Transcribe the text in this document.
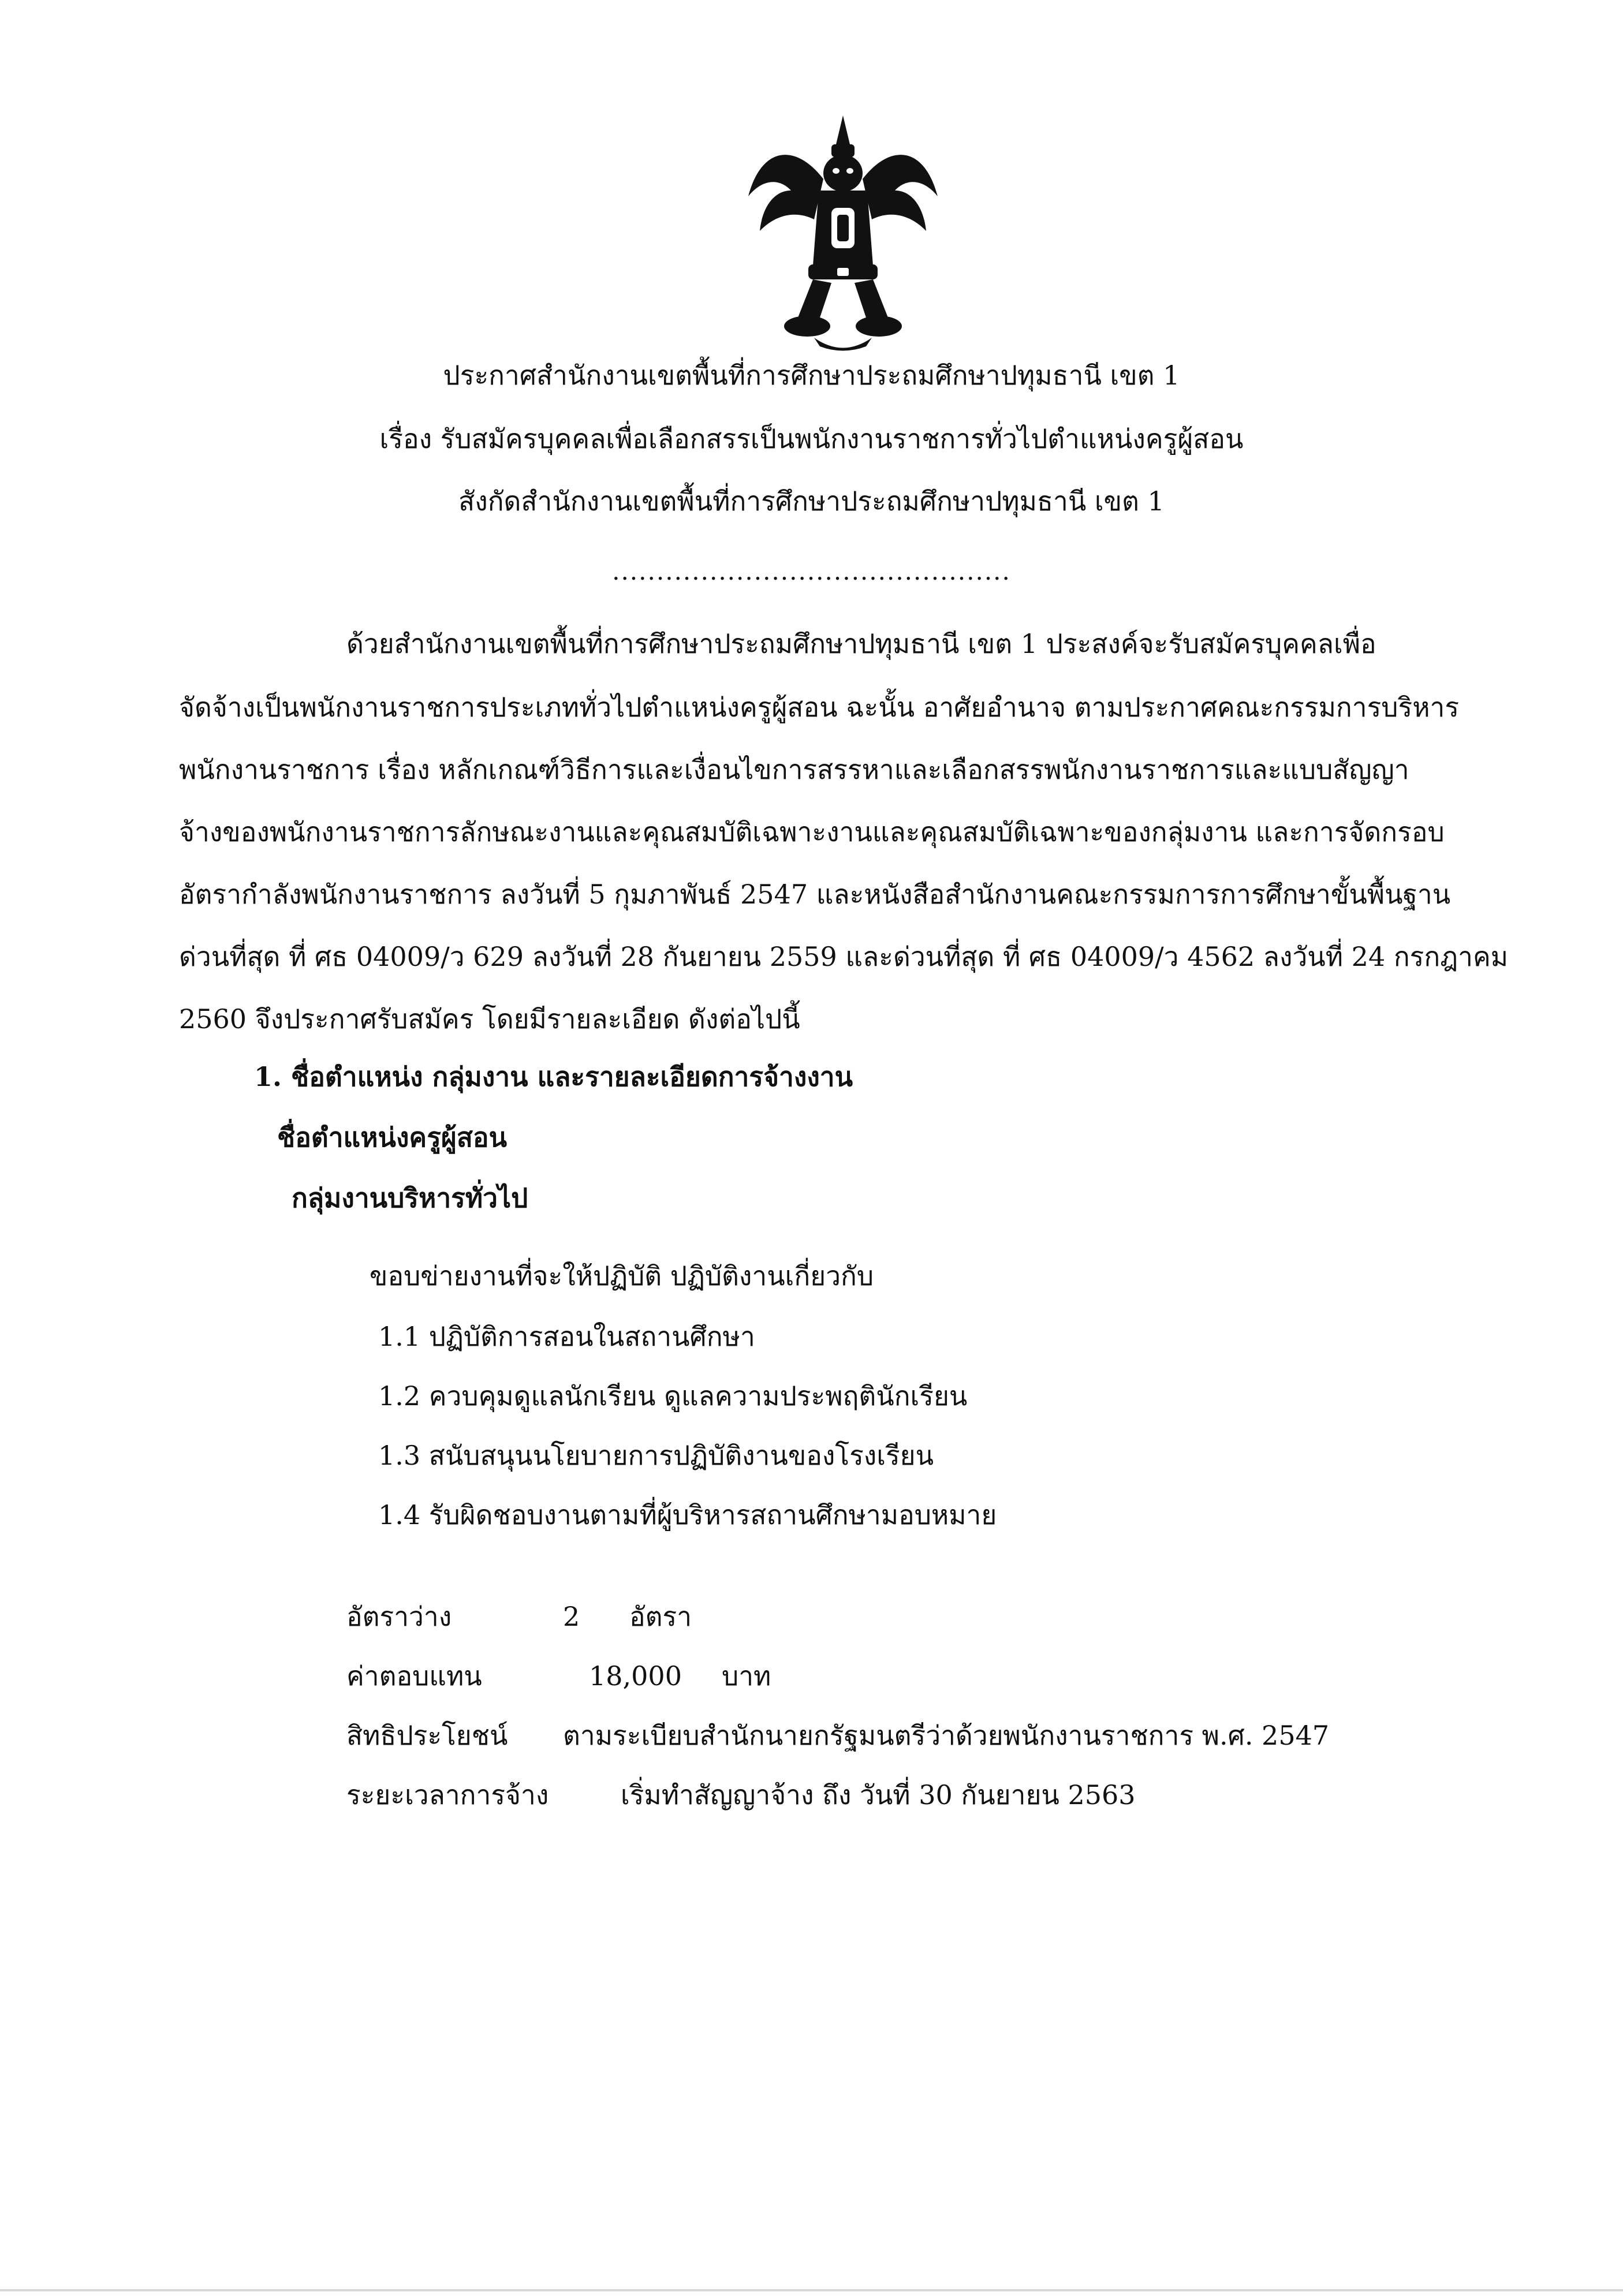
ประกาศสำนักงานเขตพื้นที่การศึกษาประถมศึกษาปทุมธานี เขต 1
เรื่อง รับสมัครบุคคลเพื่อเลือกสรรเป็นพนักงานราชการทั่วไปตำแหน่งครูผู้สอน
สังกัดสำนักงานเขตพื้นที่การศึกษาประถมศึกษาปทุมธานี เขต 1
.............................................
ด้วยสำนักงานเขตพื้นที่การศึกษาประถมศึกษาปทุมธานี เขต 1 ประสงค์จะรับสมัครบุคคลเพื่อ
จัดจ้างเป็นพนักงานราชการประเภททั่วไปตำแหน่งครูผู้สอน ฉะนั้น อาศัยอำนาจ ตามประกาศคณะกรรมการบริหาร
พนักงานราชการ เรื่อง หลักเกณฑ์วิธีการและเงื่อนไขการสรรหาและเลือกสรรพนักงานราชการและแบบสัญญา
จ้างของพนักงานราชการลักษณะงานและคุณสมบัติเฉพาะงานและคุณสมบัติเฉพาะของกลุ่มงาน และการจัดกรอบ
อัตรากำลังพนักงานราชการ ลงวันที่ 5 กุมภาพันธ์ 2547 และหนังสือสำนักงานคณะกรรมการการศึกษาขั้นพื้นฐาน
ด่วนที่สุด ที่ ศธ 04009/ว 629 ลงวันที่ 28 กันยายน 2559 และด่วนที่สุด ที่ ศธ 04009/ว 4562 ลงวันที่ 24 กรกฎาคม
2560 จึงประกาศรับสมัคร โดยมีรายละเอียด ดังต่อไปนี้
1. ชื่อตำแหน่ง กลุ่มงาน และรายละเอียดการจ้างงาน
ชื่อตำแหน่งครูผู้สอน
กลุ่มงานบริหารทั่วไป
ขอบข่ายงานที่จะให้ปฏิบัติ ปฏิบัติงานเกี่ยวกับ
1.1 ปฏิบัติการสอนในสถานศึกษา
1.2 ควบคุมดูแลนักเรียน ดูแลความประพฤตินักเรียน
1.3 สนับสนุนนโยบายการปฏิบัติงานของโรงเรียน
1.4 รับผิดชอบงานตามที่ผู้บริหารสถานศึกษามอบหมาย
อัตราว่าง	2 อัตรา
ค่าตอบแทน	18,000 บาท
สิทธิประโยชน์ ตามระเบียบสำนักนายกรัฐมนตรีว่าด้วยพนักงานราชการ พ.ศ. 2547
ระยะเวลาการจ้าง	เริ่มทำสัญญาจ้าง ถึง วันที่ 30 กันยายน 2563
